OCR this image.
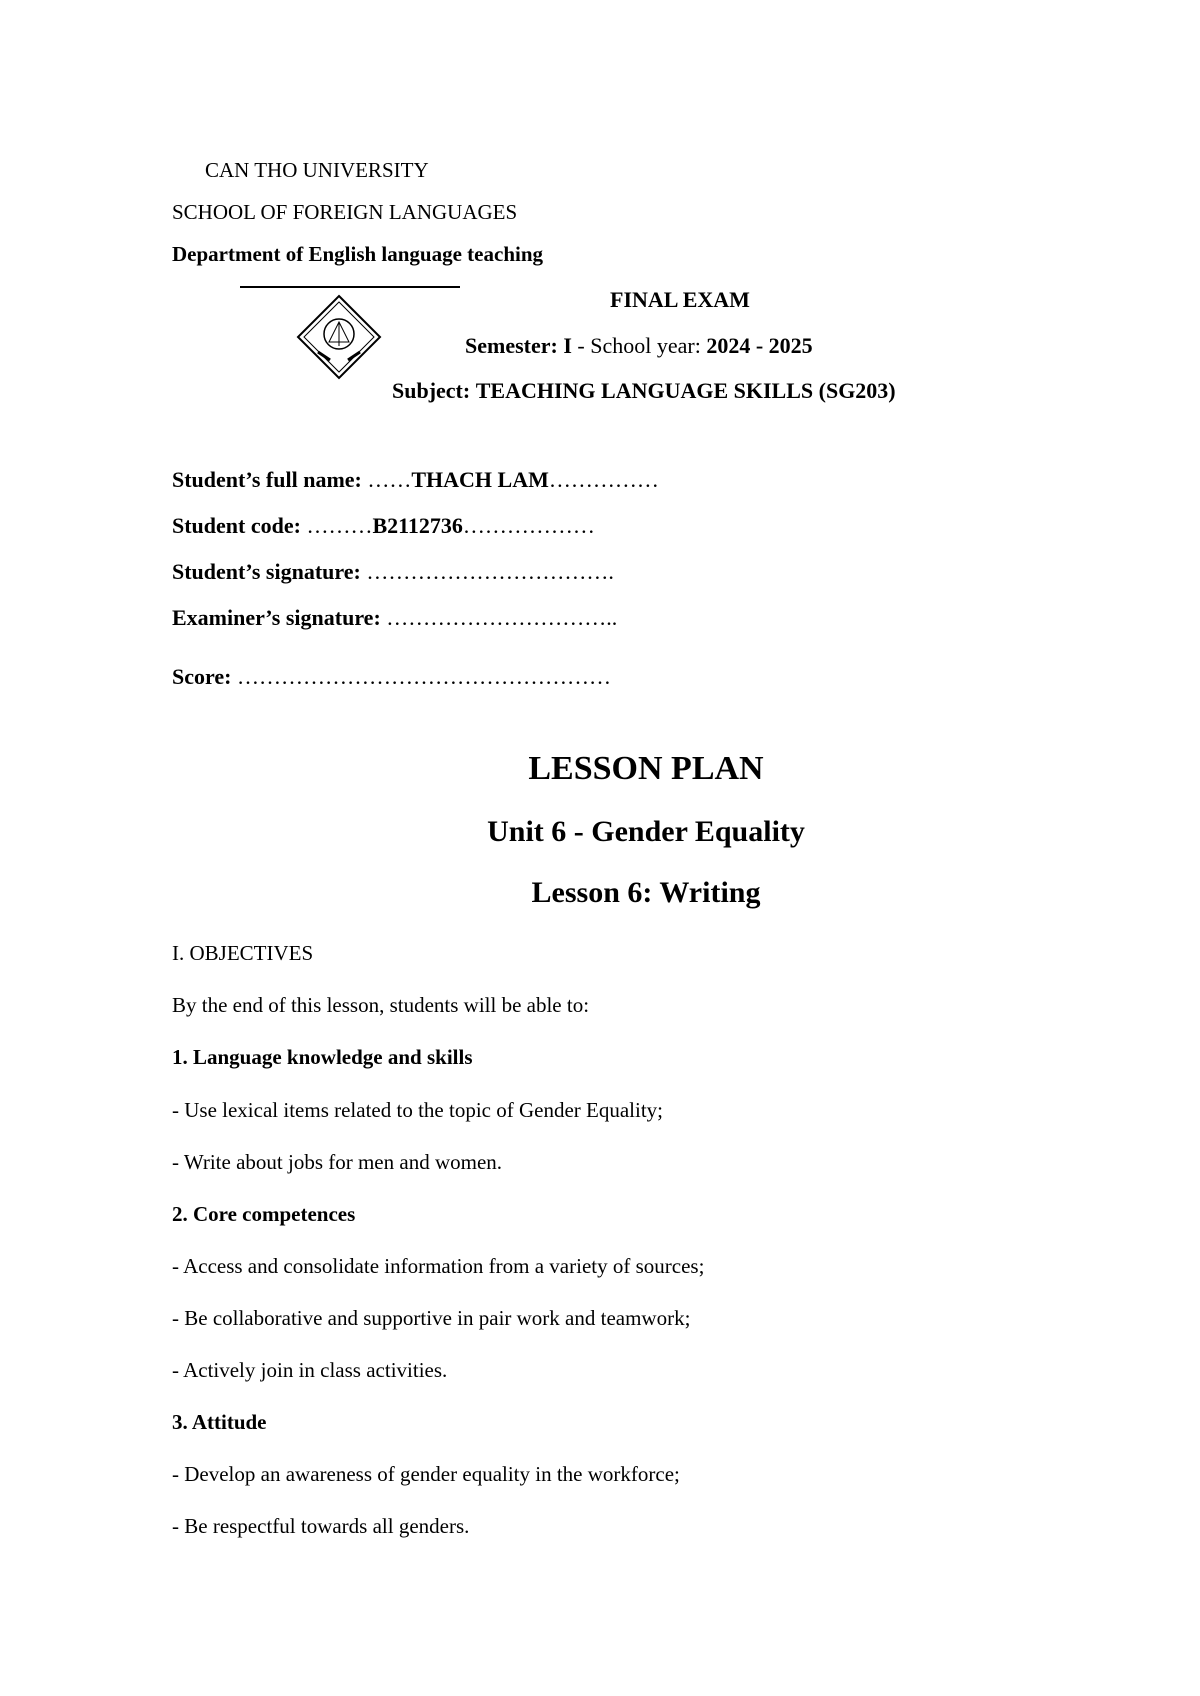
CAN THO UNIVERSITY
SCHOOL OF FOREIGN LANGUAGES
Department of English language teaching
FINAL EXAM
Semester: I - School year: 2024 - 2025
Subject: TEACHING LANGUAGE SKILLS (SG203)
Student’s full name: ……THACH LAM……………
Student code: ………B2112736………………
Student’s signature: …………………………….
Examiner’s signature: …………………………..
Score: ……………………………………………
LESSON PLAN
Unit 6 - Gender Equality
Lesson 6: Writing
I. OBJECTIVES
By the end of this lesson, students will be able to:
1. Language knowledge and skills
- Use lexical items related to the topic of Gender Equality;
- Write about jobs for men and women.
2. Core competences
- Access and consolidate information from a variety of sources;
- Be collaborative and supportive in pair work and teamwork;
- Actively join in class activities.
3. Attitude
- Develop an awareness of gender equality in the workforce;
- Be respectful towards all genders.
